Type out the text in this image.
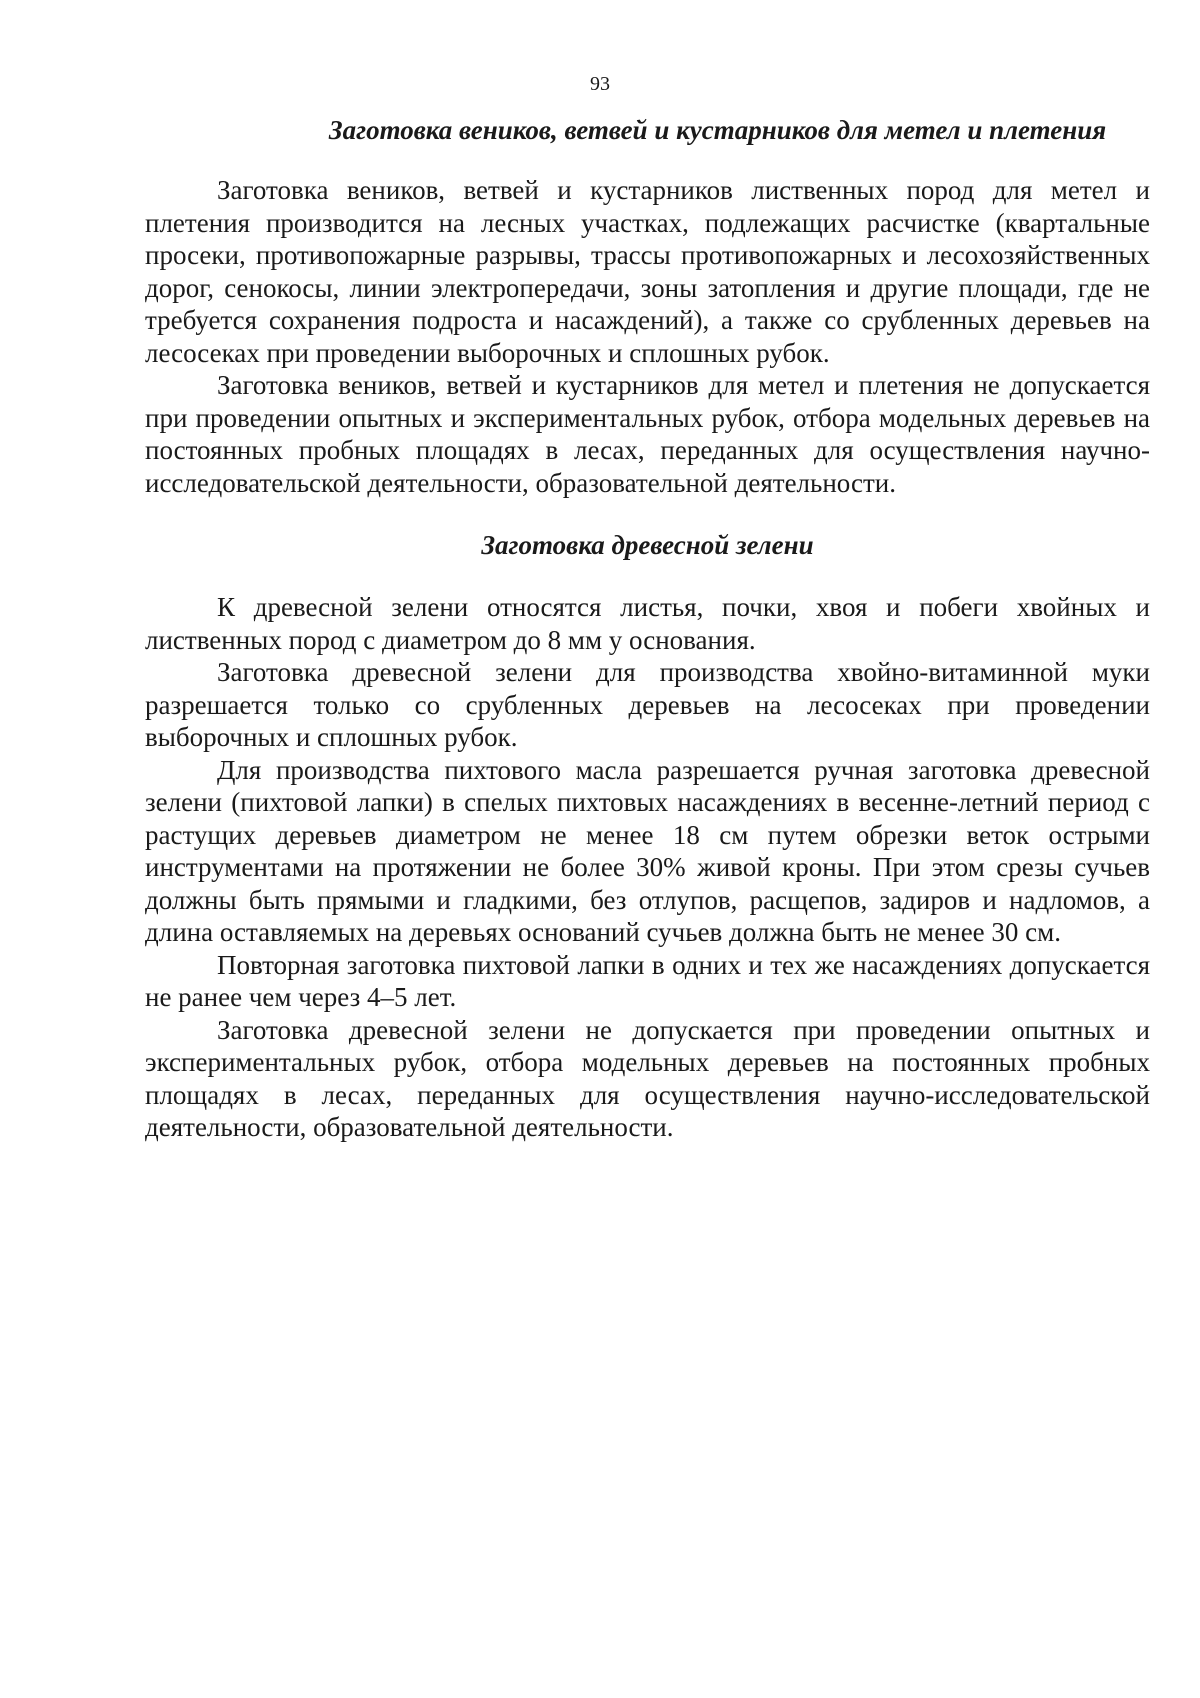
93
Заготовка веников, ветвей и кустарников для метел и плетения

Заготовка веников, ветвей и кустарников лиственных пород для метел и плетения производится на лесных участках, подлежащих расчистке (квартальные просеки, противопожарные разрывы, трассы противопожарных и лесохозяйственных дорог, сенокосы, линии электропередачи, зоны затопления и другие площади, где не требуется сохранения подроста и насаждений), а также со срубленных деревьев на лесосеках при проведении выборочных и сплошных рубок.

Заготовка веников, ветвей и кустарников для метел и плетения не допускается при проведении опытных и экспериментальных рубок, отбора модельных деревьев на постоянных пробных площадях в лесах, переданных для осуществления научно-исследовательской деятельности, образовательной деятельности.

Заготовка древесной зелени

К древесной зелени относятся листья, почки, хвоя и побеги хвойных и лиственных пород с диаметром до 8 мм у основания.

Заготовка древесной зелени для производства хвойно-витаминной муки разрешается только со срубленных деревьев на лесосеках при проведении выборочных и сплошных рубок.

Для производства пихтового масла разрешается ручная заготовка древесной зелени (пихтовой лапки) в спелых пихтовых насаждениях в весенне-летний период с растущих деревьев диаметром не менее 18 см путем обрезки веток острыми инструментами на протяжении не более 30% живой кроны. При этом срезы сучьев должны быть прямыми и гладкими, без отлупов, расщепов, задиров и надломов, а длина оставляемых на деревьях оснований сучьев должна быть не менее 30 см.

Повторная заготовка пихтовой лапки в одних и тех же насаждениях допускается не ранее чем через 4–5 лет.

Заготовка древесной зелени не допускается при проведении опытных и экспериментальных рубок, отбора модельных деревьев на постоянных пробных площадях в лесах, переданных для осуществления научно-исследовательской деятельности, образовательной деятельности.
